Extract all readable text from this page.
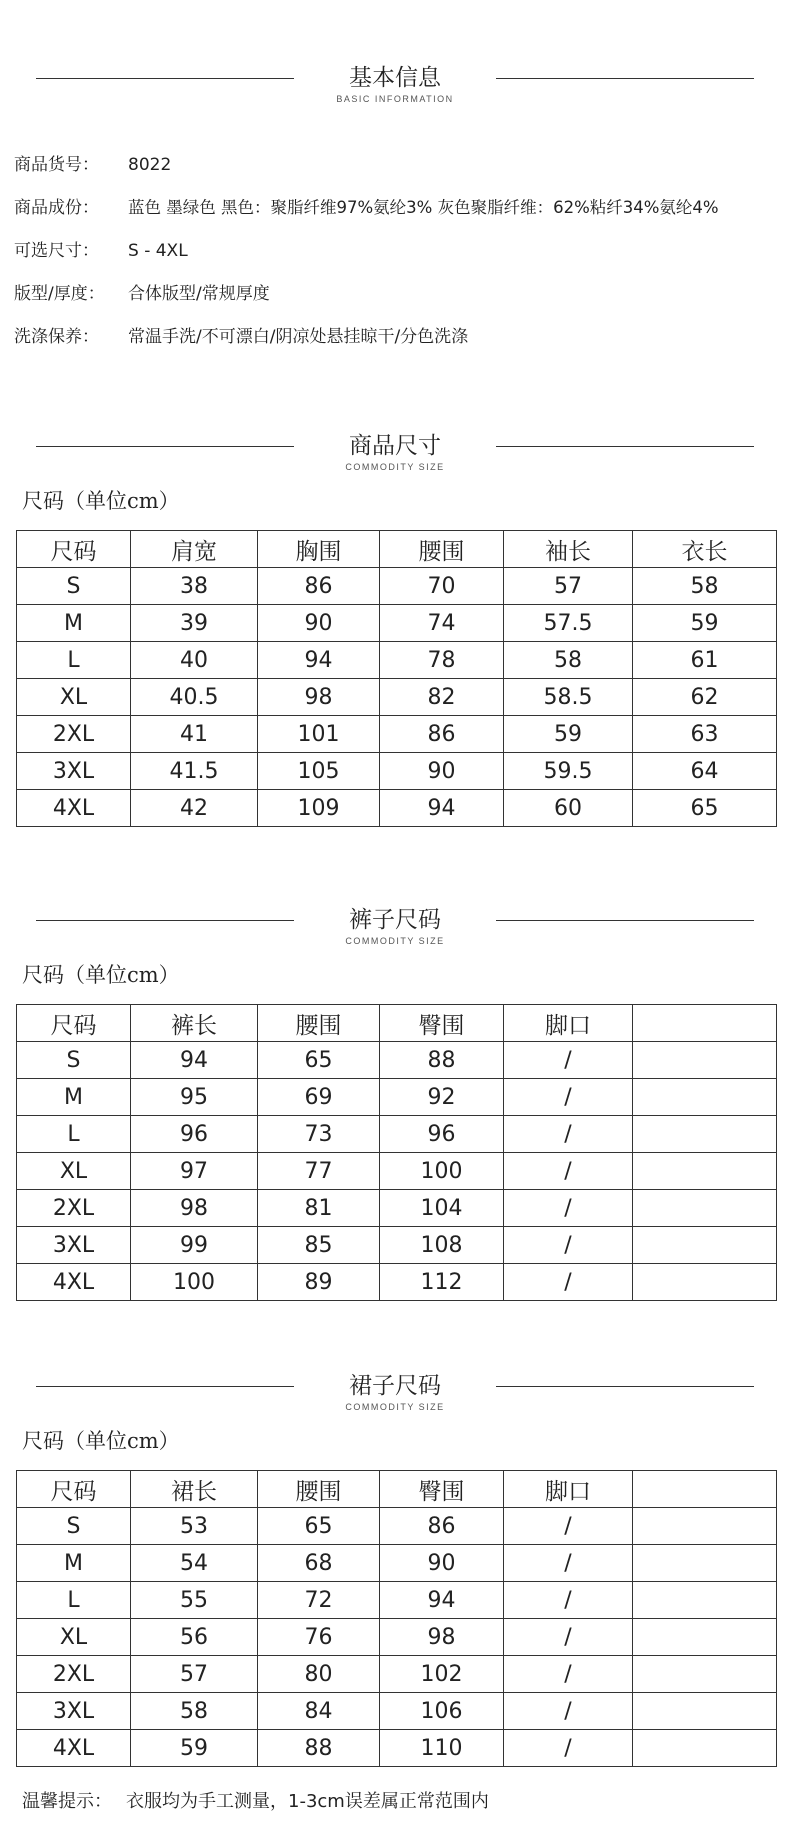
基本信息
BASIC INFORMATION
商品货号： 8022
商品成份： 蓝色 墨绿色 黑色：聚脂纤维97%氨纶3% 灰色聚脂纤维：62%粘纤34%氨纶4%
可选尺寸： S - 4XL
版型/厚度： 合体版型/常规厚度
洗涤保养： 常温手洗/不可漂白/阴凉处悬挂晾干/分色洗涤
商品尺寸
COMMODITY SIZE
尺码（单位cm）
尺码	肩宽	胸围	腰围	袖长	衣长
S	38	86	70	57	58
M	39	90	74	57.5	59
L	40	94	78	58	61
XL	40.5	98	82	58.5	62
2XL	41	101	86	59	63
3XL	41.5	105	90	59.5	64
4XL	42	109	94	60	65
裤子尺码
COMMODITY SIZE
尺码（单位cm）
尺码	裤长	腰围	臀围	脚口	
S	94	65	88	/	
M	95	69	92	/	
L	96	73	96	/	
XL	97	77	100	/	
2XL	98	81	104	/	
3XL	99	85	108	/	
4XL	100	89	112	/	
裙子尺码
COMMODITY SIZE
尺码（单位cm）
尺码	裙长	腰围	臀围	脚口	
S	53	65	86	/	
M	54	68	90	/	
L	55	72	94	/	
XL	56	76	98	/	
2XL	57	80	102	/	
3XL	58	84	106	/	
4XL	59	88	110	/	
温馨提示： 衣服均为手工测量，1-3cm误差属正常范围内
